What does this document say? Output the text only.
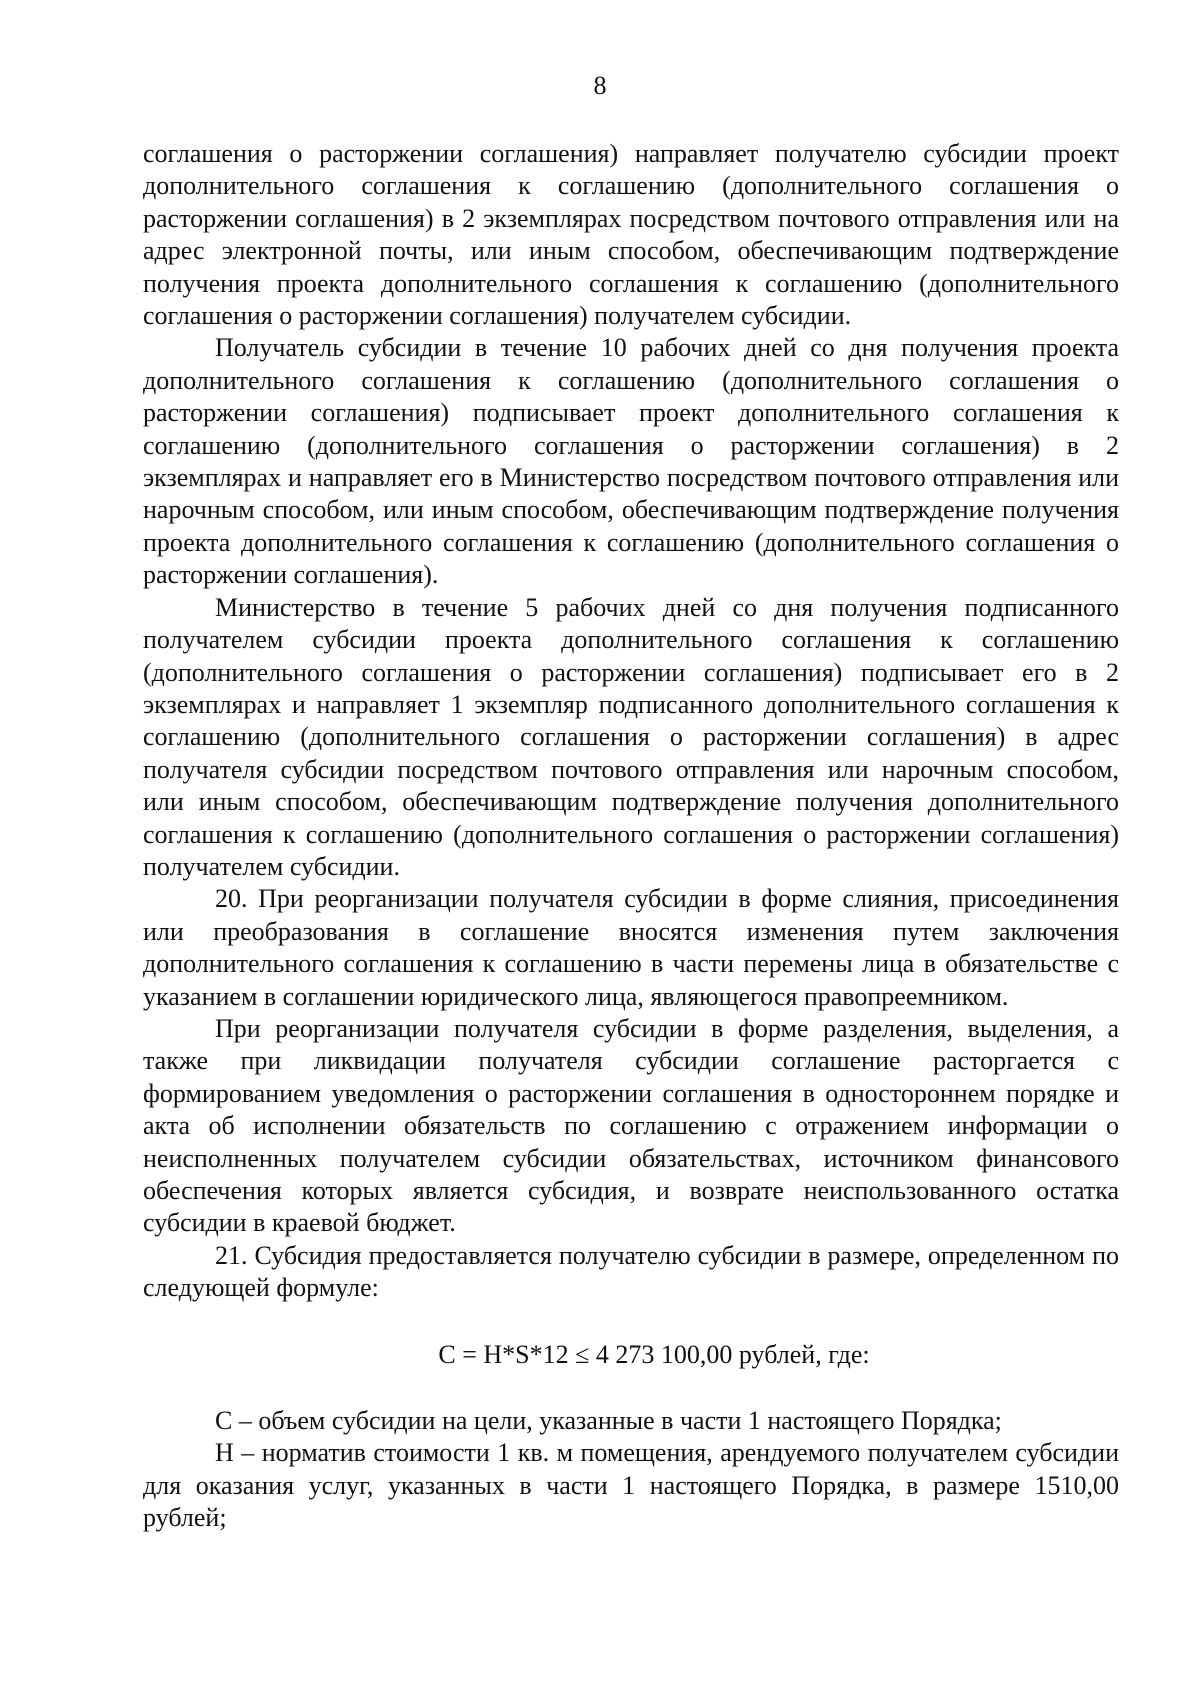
8

соглашения о расторжении соглашения) направляет получателю субсидии проект дополнительного соглашения к соглашению (дополнительного соглашения о расторжении соглашения) в 2 экземплярах посредством почтового отправления или на адрес электронной почты, или иным способом, обеспечивающим подтверждение получения проекта дополнительного соглашения к соглашению (дополнительного соглашения о расторжении соглашения) получателем субсидии.

Получатель субсидии в течение 10 рабочих дней со дня получения проекта дополнительного соглашения к соглашению (дополнительного соглашения о расторжении соглашения) подписывает проект дополнительного соглашения к соглашению (дополнительного соглашения о расторжении соглашения) в 2 экземплярах и направляет его в Министерство посредством почтового отправления или нарочным способом, или иным способом, обеспечивающим подтверждение получения проекта дополнительного соглашения к соглашению (дополнительного соглашения о расторжении соглашения).

Министерство в течение 5 рабочих дней со дня получения подписанного получателем субсидии проекта дополнительного соглашения к соглашению (дополнительного соглашения о расторжении соглашения) подписывает его в 2 экземплярах и направляет 1 экземпляр подписанного дополнительного соглашения к соглашению (дополнительного соглашения о расторжении соглашения) в адрес получателя субсидии посредством почтового отправления или нарочным способом, или иным способом, обеспечивающим подтверждение получения дополнительного соглашения к соглашению (дополнительного соглашения о расторжении соглашения) получателем субсидии.

20. При реорганизации получателя субсидии в форме слияния, присоединения или преобразования в соглашение вносятся изменения путем заключения дополнительного соглашения к соглашению в части перемены лица в обязательстве с указанием в соглашении юридического лица, являющегося правопреемником.

При реорганизации получателя субсидии в форме разделения, выделения, а также при ликвидации получателя субсидии соглашение расторгается с формированием уведомления о расторжении соглашения в одностороннем порядке и акта об исполнении обязательств по соглашению с отражением информации о неисполненных получателем субсидии обязательствах, источником финансового обеспечения которых является субсидия, и возврате неиспользованного остатка субсидии в краевой бюджет.

21. Субсидия предоставляется получателю субсидии в размере, определенном по следующей формуле:

С = Н*S*12 ≤ 4 273 100,00 рублей, где:

С – объем субсидии на цели, указанные в части 1 настоящего Порядка;

Н – норматив стоимости 1 кв. м помещения, арендуемого получателем субсидии для оказания услуг, указанных в части 1 настоящего Порядка, в размере 1510,00 рублей;
